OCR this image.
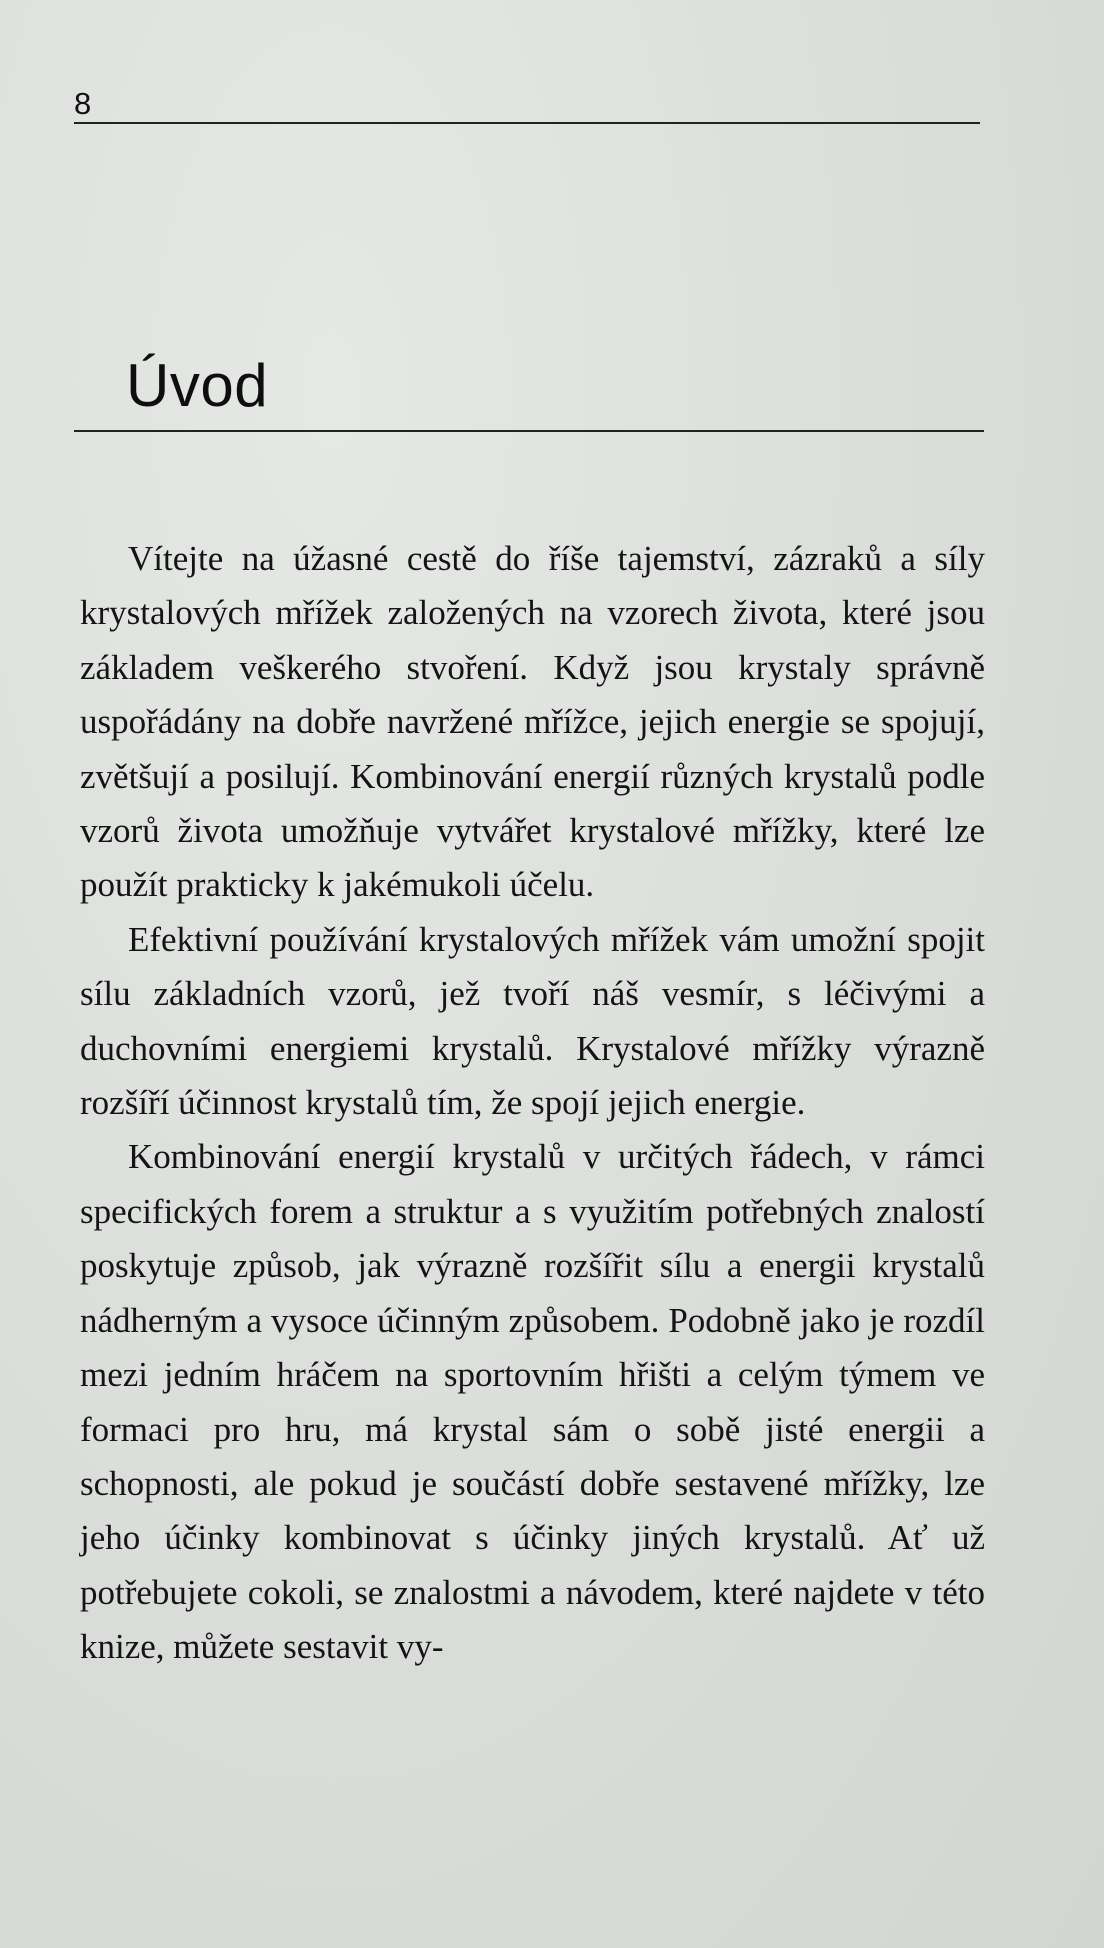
8
Úvod

Vítejte na úžasné cestě do říše tajemství, zázraků a síly krystalových mřížek založených na vzorech života, které jsou základem veškerého stvoření. Když jsou krystaly správně uspořádány na dobře navržené mřížce, jejich energie se spojují, zvětšují a posilují. Kombinování energií různých krystalů podle vzorů života umožňuje vytvářet krystalové mřížky, které lze použít prakticky k jakémukoli účelu.

Efektivní používání krystalových mřížek vám umožní spojit sílu základních vzorů, jež tvoří náš vesmír, s léčivými a duchovními energiemi krystalů. Krystalové mřížky výrazně rozšíří účinnost krystalů tím, že spojí jejich energie.

Kombinování energií krystalů v určitých řádech, v rámci specifických forem a struktur a s využitím potřebných znalostí poskytuje způsob, jak výrazně rozšířit sílu a energii krystalů nádherným a vysoce účinným způsobem. Podobně jako je rozdíl mezi jedním hráčem na sportovním hřišti a celým týmem ve formaci pro hru, má krystal sám o sobě jisté energii a schopnosti, ale pokud je součástí dobře sestavené mřížky, lze jeho účinky kombinovat s účinky jiných krystalů. Ať už potřebujete cokoli, se znalostmi a návodem, které najdete v této knize, můžete sestavit vy-
